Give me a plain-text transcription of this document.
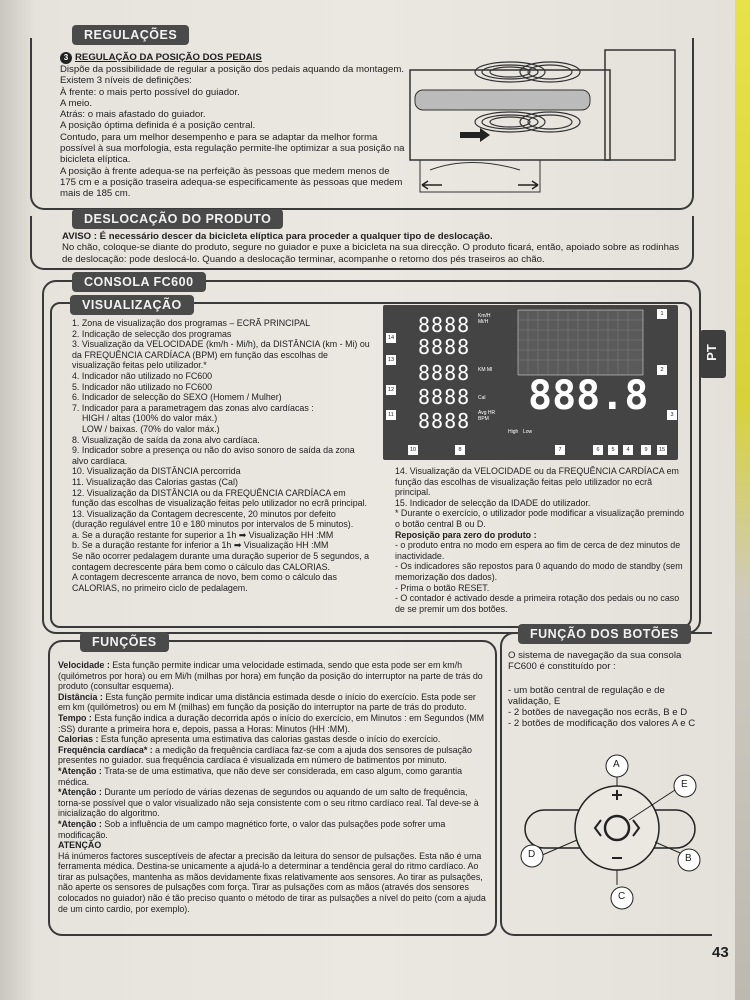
REGULAÇÕES

3 REGULAÇÃO DA POSIÇÃO DOS PEDAIS

Dispõe da possibilidade de regular a posição dos pedais aquando da montagem.

Existem 3 níveis de definições:

À frente: o mais perto possível do guiador.

A meio.

Atrás: o mais afastado do guiador.

A posição óptima definida é a posição central.

Contudo, para um melhor desempenho e para se adaptar da melhor forma possível à sua morfologia, esta regulação permite-lhe optimizar a sua posição na bicicleta elíptica.

A posição à frente adequa-se na perfeição às pessoas que medem menos de 175 cm e a posição traseira adequa-se especificamente às pessoas que medem mais de 185 cm.

DESLOCAÇÃO DO PRODUTO

AVISO : É necessário descer da bicicleta elíptica para proceder a qualquer tipo de deslocação.

No chão, coloque-se diante do produto, segure no guiador e puxe a bicicleta na sua direcção. O produto ficará, então, apoiado sobre as rodinhas de deslocação: pode deslocá-lo. Quando a deslocação terminar, acompanhe o retorno dos pés traseiros ao chão.

CONSOLA FC600
VISUALIZAÇÃO

1. Zona de visualização dos programas – ECRÃ PRINCIPAL

2. Indicação de selecção dos programas

3. Visualização da VELOCIDADE (km/h - Mi/h), da DISTÂNCIA (km - Mi) ou da FREQUÊNCIA CARDÍACA (BPM) em função das escolhas de visualização feitas pelo utilizador.*

4. Indicador não utilizado no FC600

5. Indicador não utilizado no FC600

6. Indicador de selecção do SEXO (Homem / Mulher)

7. Indicador para a parametragem das zonas alvo cardíacas :

HIGH / altas (100% do valor máx.)

LOW / baixas. (70% do valor máx.)

8. Visualização de saída da zona alvo cardíaca.

9. Indicador sobre a presença ou não do aviso sonoro de saída da zona alvo cardíaca.

10. Visualização da DISTÂNCIA percorrida

11. Visualização das Calorias gastas (Cal)

12. Visualização da DISTÂNCIA ou da FREQUÊNCIA CARDÍACA em função das escolhas de visualização feitas pelo utilizador no ecrã principal.

13. Visualização da Contagem decrescente, 20 minutos por defeito (duração regulável entre 10 e 180 minutos por intervalos de 5 minutos).

a. Se a duração restante for superior a 1h ➡ Visualização HH :MM

b. Se a duração restante for inferior a 1h ➡ Visualização HH :MM

Se não ocorrer pedalagem durante uma duração superior de 5 segundos, a contagem decrescente pára bem como o cálculo das CALORIAS.

A contagem decrescente arranca de novo, bem como o cálculo das CALORIAS, no primeiro ciclo de pedalagem.

8888 Km/H Mi/H
8888
8888 KM MI
8888 Cal
8888 Avg HR BPM 888.8
High Low
1
2
3
4
5
6
7
8	9
10
11
12
13
14
15

14. Visualização da VELOCIDADE ou da FREQUÊNCIA CARDÍACA em função das escolhas de visualização feitas pelo utilizador no ecrã principal.

15. Indicador de selecção da IDADE do utilizador.

* Durante o exercício, o utilizador pode modificar a visualização premindo o botão central B ou D.

Reposição para zero do produto :

- o produto entra no modo em espera ao fim de cerca de dez minutos de inactividade.

- Os indicadores são repostos para 0 aquando do modo de standby (sem memorização dos dados).

- Prima o botão RESET.

- O contador é activado desde a primeira rotação dos pedais ou no caso de se premir um dos botões.

FUNÇÕES

Velocidade : Esta função permite indicar uma velocidade estimada, sendo que esta pode ser em km/h (quilómetros por hora) ou em Mi/h (milhas por hora) em função da posição do interruptor na parte de trás do produto (consultar esquema).

Distância : Esta função permite indicar uma distância estimada desde o início do exercício. Esta pode ser em km (quilómetros) ou em M (milhas) em função da posição do interruptor na parte de trás do produto.

Tempo : Esta função indica a duração decorrida após o início do exercício, em Minutos : em Segundos (MM :SS) durante a primeira hora e, depois, passa a Horas: Minutos (HH :MM).

Calorias : Esta função apresenta uma estimativa das calorias gastas desde o início do exercício.

Frequência cardíaca* : a medição da frequência cardíaca faz-se com a ajuda dos sensores de pulsação presentes no guiador. sua frequência cardíaca é visualizada em número de batimentos por minuto.

*Atenção : Trata-se de uma estimativa, que não deve ser considerada, em caso algum, como garantia médica.

*Atenção : Durante um período de várias dezenas de segundos ou aquando de um salto de frequência, torna-se possível que o valor visualizado não seja consistente com o seu ritmo cardíaco real. Tal deve-se à inicialização do algoritmo.

*Atenção : Sob a influência de um campo magnético forte, o valor das pulsações pode sofrer uma modificação.

ATENÇÃO

Há inúmeros factores susceptíveis de afectar a precisão da leitura do sensor de pulsações. Esta não é uma ferramenta médica. Destina-se unicamente a ajudá-lo a determinar a tendência geral do ritmo cardíaco. Ao tirar as pulsações, mantenha as mãos devidamente fixas relativamente aos sensores. Ao tirar as pulsações, não aperte os sensores de pulsações com força. Tirar as pulsações com as mãos (através dos sensores colocados no guiador) não é tão preciso quanto o método de tirar as pulsações a nível do peito (com a ajuda de um cinto cardio, por exemplo).

FUNÇÃO DOS BOTÕES

O sistema de navegação da sua consola FC600 é constituído por :

- um botão central de regulação e de validação, E

- 2 botões de navegação nos ecrãs, B e D

- 2 botões de modificação dos valores A e C

A
E
B
C
D
PT
43
